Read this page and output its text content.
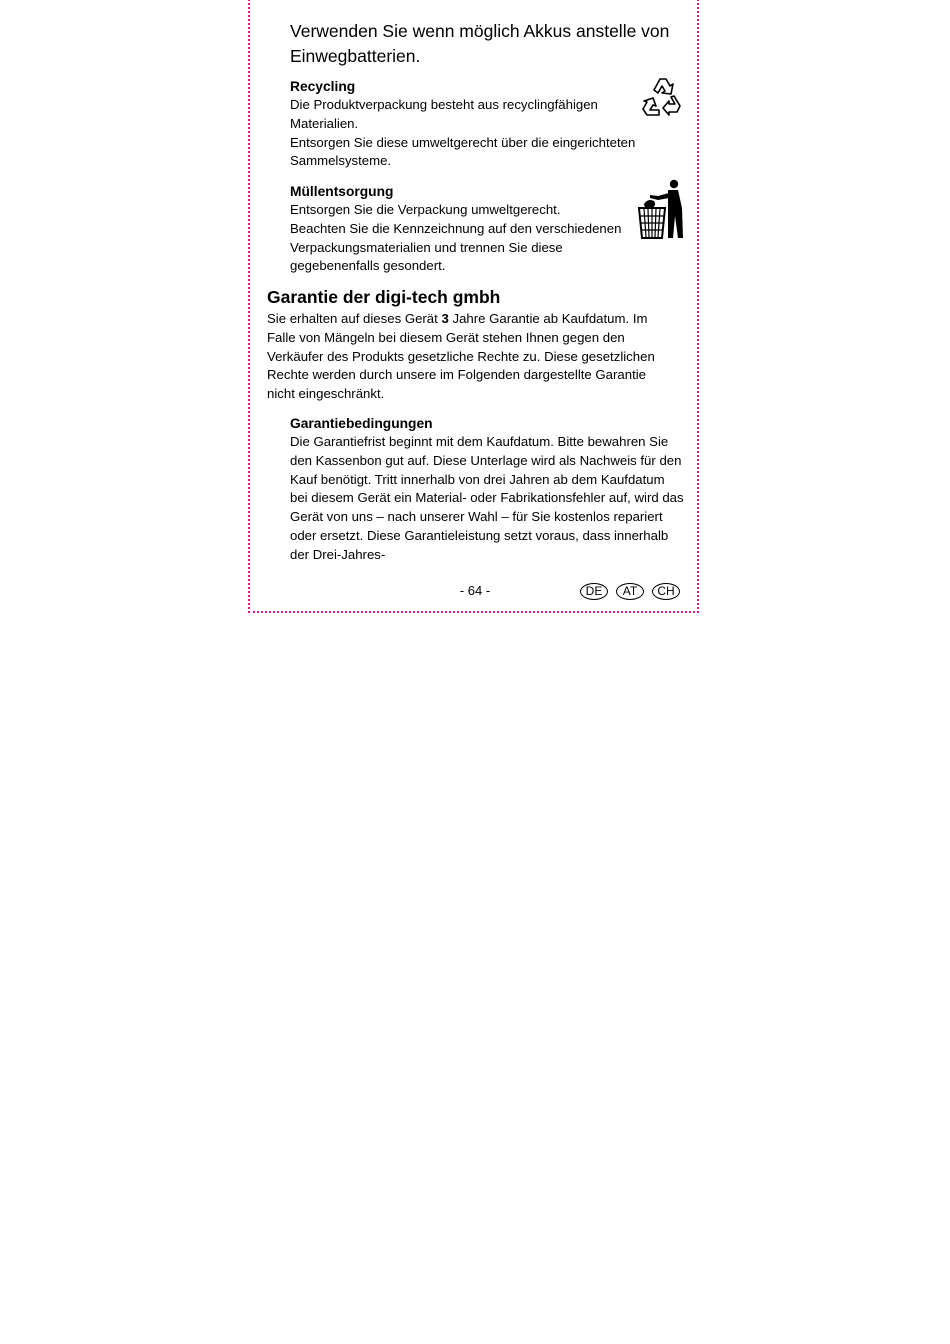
Verwenden Sie wenn möglich Akkus anstelle von Einwegbatterien.
Recycling

Die Produktverpackung besteht aus recyclingfähigen Materialien.

Entsorgen Sie diese umweltgerecht über die eingerichteten Sammelsysteme.

Müllentsorgung

Entsorgen Sie die Verpackung umweltgerecht.

Beachten Sie die Kennzeichnung auf den verschiedenen Verpackungsmaterialien und trennen Sie diese gegebenenfalls gesondert.

Garantie der digi-tech gmbh

Sie erhalten auf dieses Gerät 3 Jahre Garantie ab Kaufdatum. Im Falle von Mängeln bei diesem Gerät stehen Ihnen gegen den Verkäufer des Produkts gesetzliche Rechte zu. Diese gesetzlichen Rechte werden durch unsere im Folgenden dargestellte Garantie nicht eingeschränkt.

Garantiebedingungen

Die Garantiefrist beginnt mit dem Kaufdatum. Bitte bewahren Sie den Kassenbon gut auf. Diese Unterlage wird als Nachweis für den Kauf benötigt. Tritt innerhalb von drei Jahren ab dem Kaufdatum bei diesem Gerät ein Material- oder Fabrikationsfehler auf, wird das Gerät von uns – nach unserer Wahl – für Sie kostenlos repariert oder ersetzt. Diese Garantieleistung setzt voraus, dass innerhalb der Drei-Jahres-

- 64 -	DE	AT	CH
